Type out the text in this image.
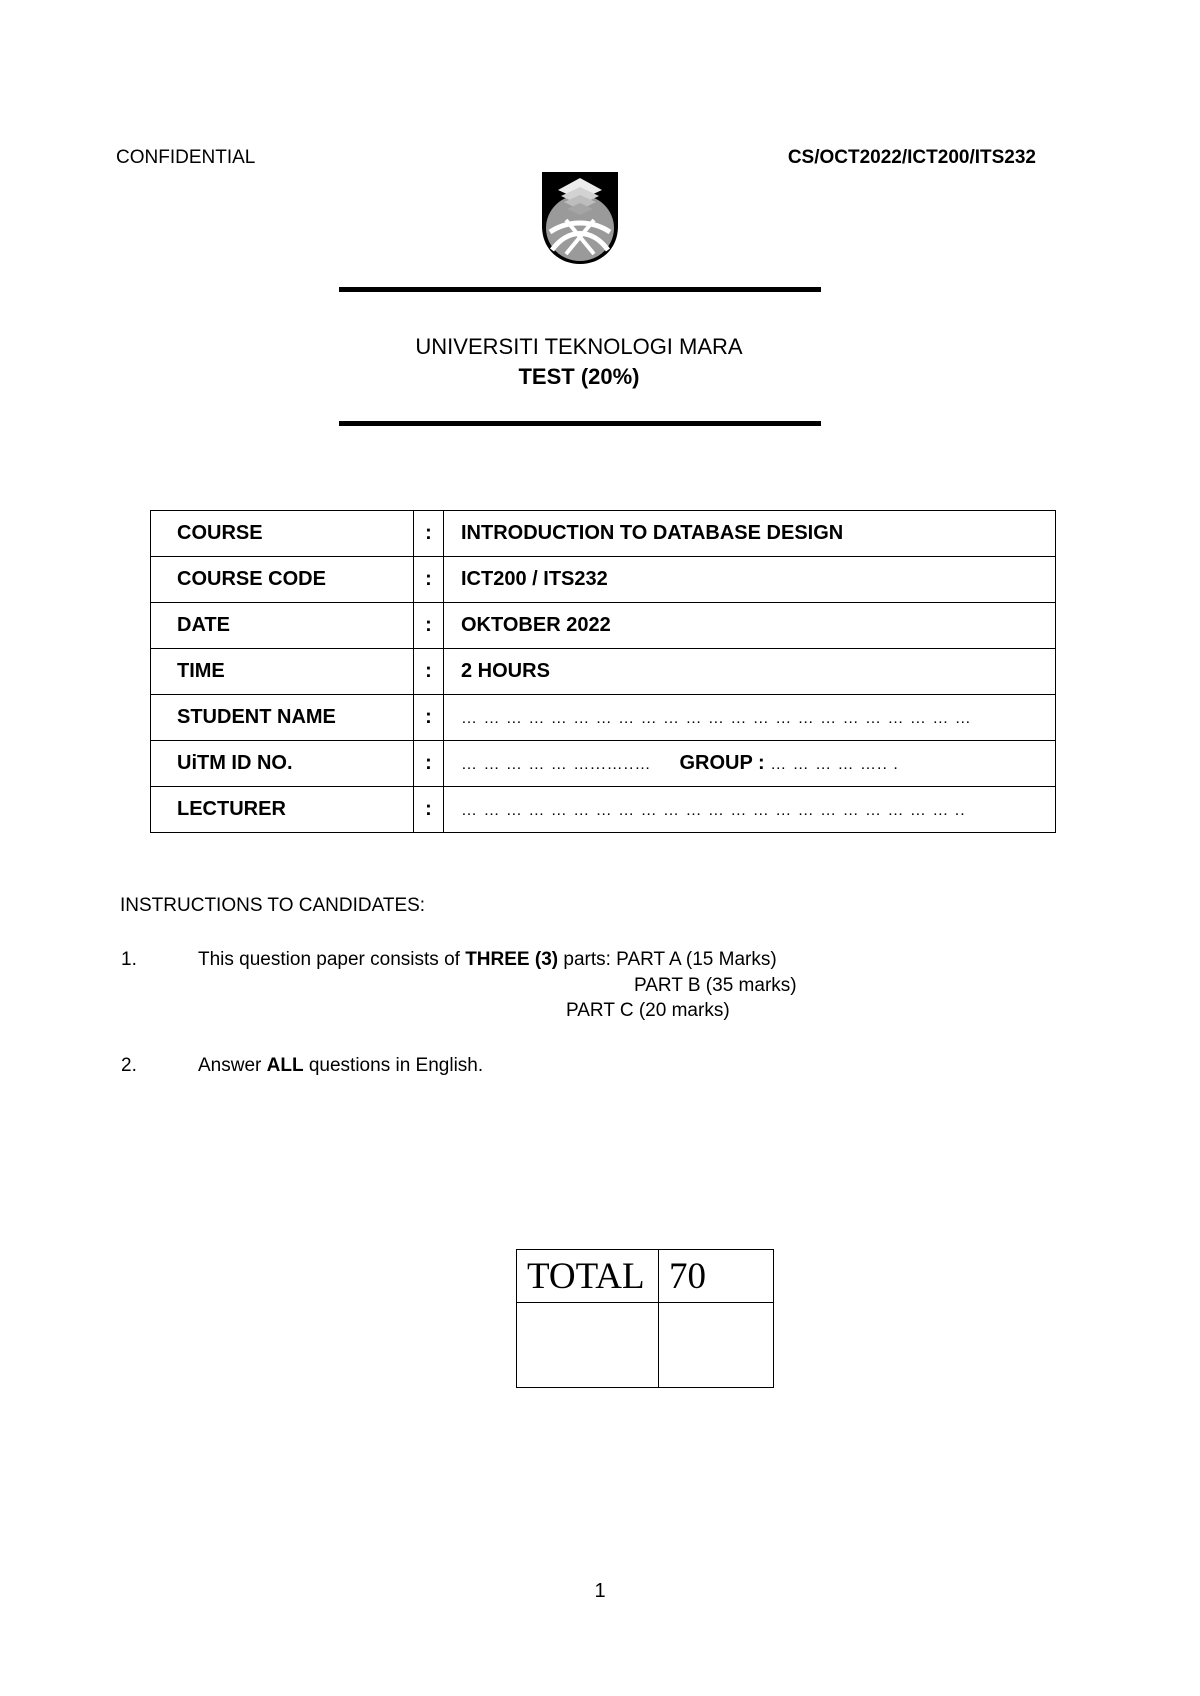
CONFIDENTIAL	CS/OCT2022/ICT200/ITS232
UNIVERSITI TEKNOLOGI MARA
TEST (20%)
COURSE	:	INTRODUCTION TO DATABASE DESIGN
COURSE CODE	:	ICT200 / ITS232
DATE	:	OKTOBER 2022
TIME	:	2 HOURS
STUDENT NAME	:	… … … … … … … … … … … … … … … … … … … … … … …
UiTM ID NO.	:	… … … … … …...…..… GROUP : … … … … ….. .
LECTURER	:	… … … … … … … … … … … … … … … … … … … … … … ..
INSTRUCTIONS TO CANDIDATES:
1.	This question paper consists of THREE (3) parts: PART A (15 Marks)
PART B (35 marks)
PART C (20 marks)
2.	Answer ALL questions in English.
TOTAL	70

1
